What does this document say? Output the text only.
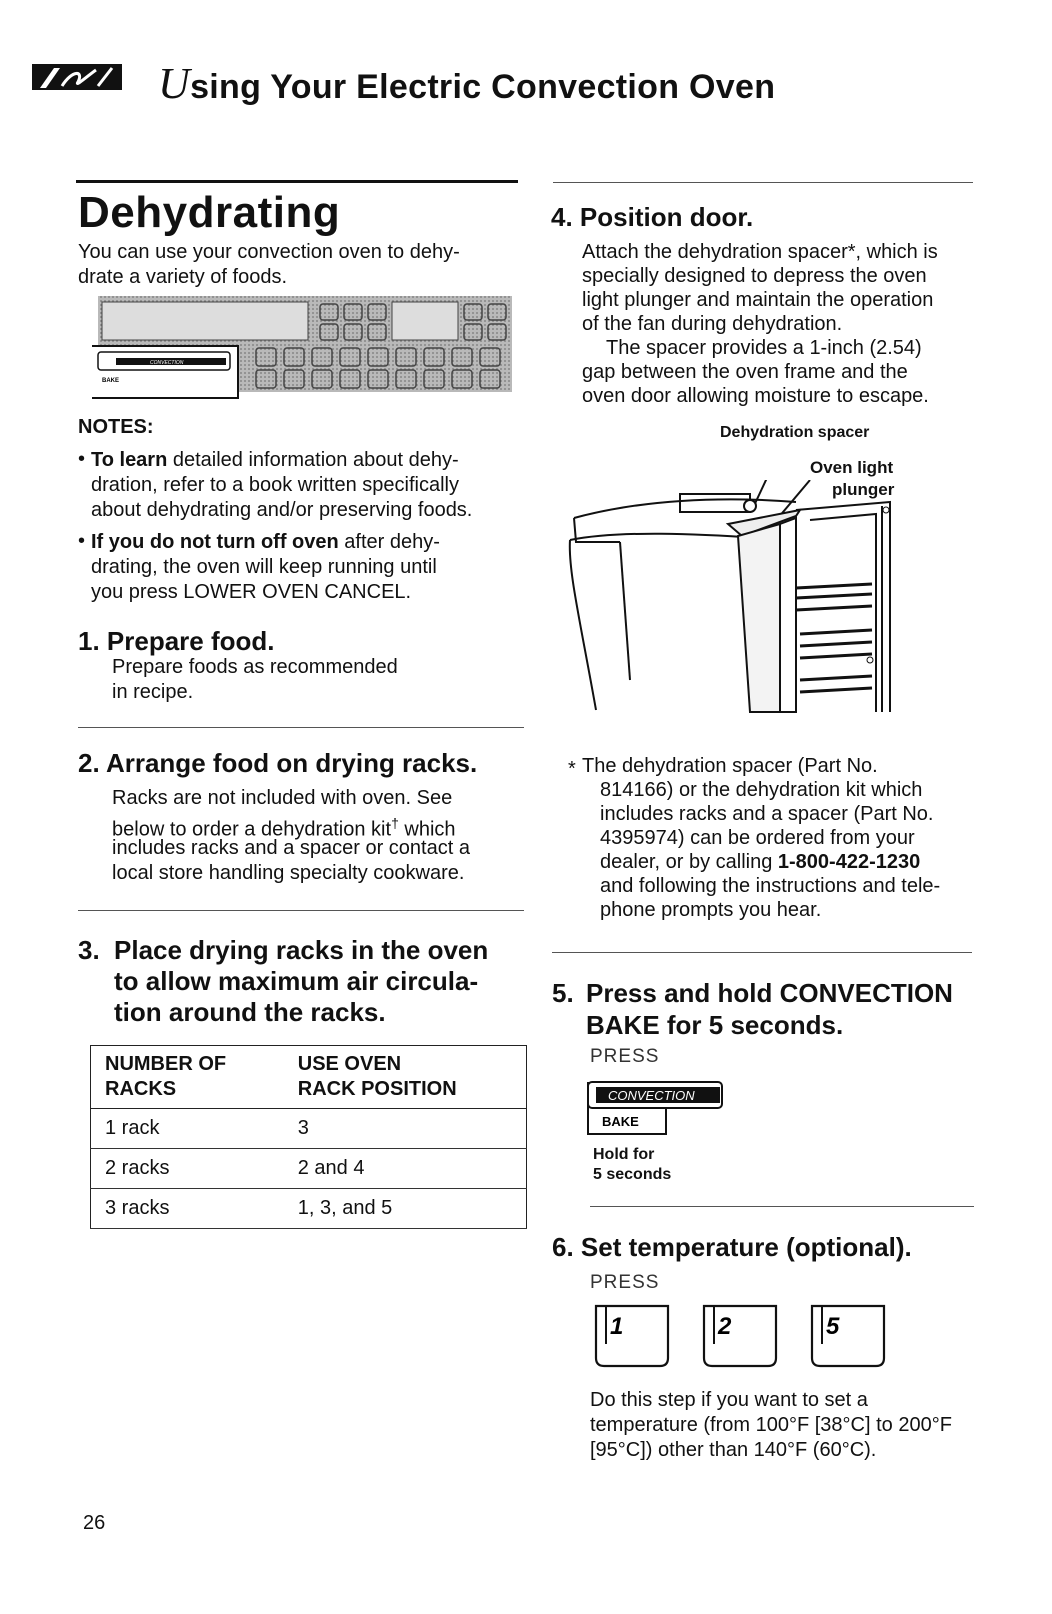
Using Your Electric Convection Oven
Dehydrating

You can use your convection oven to dehy-

drate a variety of foods.

CONVECTION
BAKE

NOTES:

• To learn detailed information about dehy-

dration, refer to a book written specifically

about dehydrating and/or preserving foods.

• If you do not turn off oven after dehy-

drating, the oven will keep running until

you press LOWER OVEN CANCEL.

1. Prepare food.

Prepare foods as recommended

in recipe.

2. Arrange food on drying racks.

Racks are not included with oven. See

below to order a dehydration kit† which

includes racks and a spacer or contact a

local store handling specialty cookware.

3. Place drying racks in the oven
to allow maximum air circula-
tion around the racks.
NUMBER OF
RACKS	USE OVEN
RACK POSITION
1 rack	3
2 racks	2 and 4
3 racks	1, 3, and 5
4. Position door.

Attach the dehydration spacer*, which is

specially designed to depress the oven

light plunger and maintain the operation

of the fan during dehydration.

The spacer provides a 1-inch (2.54)

gap between the oven frame and the

oven door allowing moisture to escape.

Dehydration spacer
Oven light
plunger
* The dehydration spacer (Part No.

814166) or the dehydration kit which

includes racks and a spacer (Part No.

4395974) can be ordered from your

dealer, or by calling 1-800-422-1230

and following the instructions and tele-

phone prompts you hear.

5. Press and hold CONVECTION
BAKE for 5 seconds.
PRESS
CONVECTION
BAKE
Hold for
5 seconds
6. Set temperature (optional).
PRESS
1	2	5

Do this step if you want to set a

temperature (from 100°F [38°C] to 200°F

[95°C]) other than 140°F (60°C).

26
